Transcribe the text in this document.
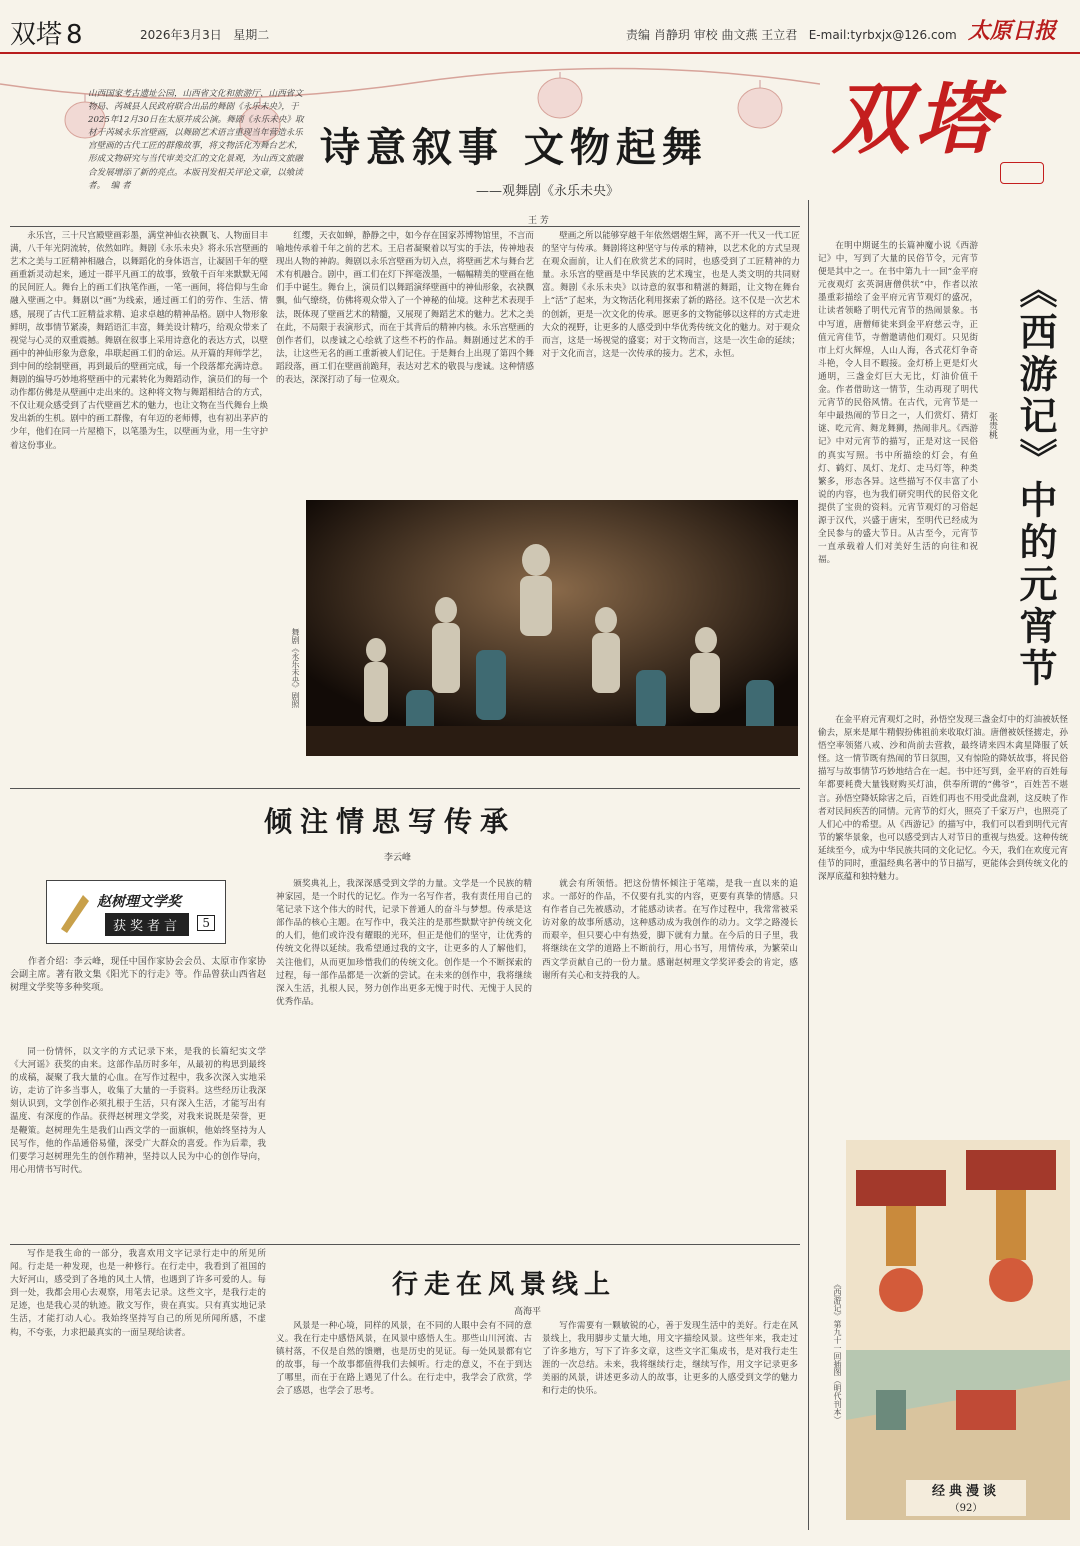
双塔 8	2026年3月3日 星期二	责编 肖静玥 审校 曲文燕 王立君 E-mail:tyrbxjx@126.com 太原日报
双塔
山西国家考古遗址公园，山西省文化和旅游厅、山西省文物局、芮城县人民政府联合出品的舞剧《永乐未央》，于2025年12月30日在太原并成公演。舞剧《永乐未央》取材于芮城永乐宫壁画，以舞剧艺术语言重现当年营造永乐宫壁画的古代工匠的群像故事，将文物活化为舞台艺术，形成文物研究与当代审美交汇的文化景观，为山西文旅融合发展增添了新的亮点。本版刊发相关评论文章，以飨读者。 编 者
诗意叙事 文物起舞
——观舞剧《永乐未央》
王 芳

永乐宫，三十尺宫殿壁画彩墨，满堂神仙衣袂飘飞、人物面目丰满，八千年光阴流转，依然如昨。舞剧《永乐未央》将永乐宫壁画的艺术之美与工匠精神相融合，以舞蹈化的身体语言，让凝固千年的壁画重新灵动起来，通过一群平凡画工的故事，致敬千百年来默默无闻的民间匠人。舞台上的画工们执笔作画，一笔一画间，将信仰与生命融入壁画之中。舞剧以“画”为线索，通过画工们的劳作、生活、情感，展现了古代工匠精益求精、追求卓越的精神品格。剧中人物形象鲜明，故事情节紧凑，舞蹈语汇丰富，舞美设计精巧，给观众带来了视觉与心灵的双重震撼。舞剧在叙事上采用诗意化的表达方式，以壁画中的神仙形象为意象，串联起画工们的命运。从开篇的拜师学艺，到中间的绘制壁画，再到最后的壁画完成，每一个段落都充满诗意。舞剧的编导巧妙地将壁画中的元素转化为舞蹈动作，演员们的每一个动作都仿佛是从壁画中走出来的。这种将文物与舞蹈相结合的方式，不仅让观众感受到了古代壁画艺术的魅力，也让文物在当代舞台上焕发出新的生机。剧中的画工群像，有年迈的老师傅，也有初出茅庐的少年，他们在同一片屋檐下，以笔墨为生，以壁画为业，用一生守护着这份事业。

红缨，天衣如蝉，静静之中，如今存在国家苏博物馆里，不言而喻地传承着千年之前的艺术。王启者凝聚着以写实的手法，传神地表现出人物的神韵。舞剧以永乐宫壁画为切入点，将壁画艺术与舞台艺术有机融合。剧中，画工们在灯下挥毫泼墨，一幅幅精美的壁画在他们手中诞生。舞台上，演员们以舞蹈演绎壁画中的神仙形象，衣袂飘飘，仙气缭绕，仿佛将观众带入了一个神秘的仙境。这种艺术表现手法，既体现了壁画艺术的精髓，又展现了舞蹈艺术的魅力。艺术之美在此，不局限于表演形式，而在于其背后的精神内核。永乐宫壁画的创作者们，以虔诚之心绘就了这些不朽的作品。舞剧通过艺术的手法，让这些无名的画工重新被人们记住。于是舞台上出现了第四个舞蹈段落，画工们在壁画前跪拜，表达对艺术的敬畏与虔诚。这种情感的表达，深深打动了每一位观众。

壁画之所以能够穿越千年依然熠熠生辉，离不开一代又一代工匠的坚守与传承。舞剧将这种坚守与传承的精神，以艺术化的方式呈现在观众面前，让人们在欣赏艺术的同时，也感受到了工匠精神的力量。永乐宫的壁画是中华民族的艺术瑰宝，也是人类文明的共同财富。舞剧《永乐未央》以诗意的叙事和精湛的舞蹈，让文物在舞台上“活”了起来，为文物活化利用探索了新的路径。这不仅是一次艺术的创新，更是一次文化的传承。愿更多的文物能够以这样的方式走进大众的视野，让更多的人感受到中华优秀传统文化的魅力。对于观众而言，这是一场视觉的盛宴；对于文物而言，这是一次生命的延续；对于文化而言，这是一次传承的接力。艺术，永恒。

舞剧《永乐未央》剧照	《西游记》中的元宵节
张贵桃

在明中期诞生的长篇神魔小说《西游记》中，写到了大量的民俗节令，元宵节便是其中之一。在书中第九十一回“金平府元夜观灯 玄英洞唐僧供状”中，作者以浓墨重彩描绘了金平府元宵节观灯的盛况，让读者领略了明代元宵节的热闹景象。书中写道，唐僧师徒来到金平府慈云寺，正值元宵佳节，寺僧邀请他们观灯。只见街市上灯火辉煌，人山人海，各式花灯争奇斗艳，令人目不暇接。金灯桥上更是灯火通明，三盏金灯巨大无比，灯油价值千金。作者借助这一情节，生动再现了明代元宵节的民俗风情。在古代，元宵节是一年中最热闹的节日之一，人们赏灯、猜灯谜、吃元宵、舞龙舞狮，热闹非凡。《西游记》中对元宵节的描写，正是对这一民俗的真实写照。书中所描绘的灯会，有鱼灯、鹤灯、凤灯、龙灯、走马灯等，种类繁多，形态各异。这些描写不仅丰富了小说的内容，也为我们研究明代的民俗文化提供了宝贵的资料。元宵节观灯的习俗起源于汉代，兴盛于唐宋，至明代已经成为全民参与的盛大节日。从古至今，元宵节一直承载着人们对美好生活的向往和祝福。

在金平府元宵观灯之时，孙悟空发现三盏金灯中的灯油被妖怪偷去，原来是犀牛精假扮佛祖前来收取灯油。唐僧被妖怪掳走，孙悟空率领猪八戒、沙和尚前去营救，最终请来四木禽星降服了妖怪。这一情节既有热闹的节日氛围，又有惊险的降妖故事，将民俗描写与故事情节巧妙地结合在一起。书中还写到，金平府的百姓每年都要耗费大量钱财购买灯油，供奉所谓的“佛爷”，百姓苦不堪言。孙悟空降妖除害之后，百姓们再也不用受此盘剥，这反映了作者对民间疾苦的同情。元宵节的灯火，照亮了千家万户，也照亮了人们心中的希望。从《西游记》的描写中，我们可以看到明代元宵节的繁华景象，也可以感受到古人对节日的重视与热爱。这种传统延续至今，成为中华民族共同的文化记忆。今天，我们在欢度元宵佳节的同时，重温经典名著中的节日描写，更能体会到传统文化的深厚底蕴和独特魅力。

经典漫谈
（92）
《西游记》第九十一回插图（明代刊本）
倾注情思写传承
李云峰
赵树理文学奖
获奖者言	5

作者介绍：李云峰，现任中国作家协会会员、太原市作家协会副主席。著有散文集《阳光下的行走》等。作品曾获山西省赵树理文学奖等多种奖项。

同一份情怀，以文字的方式记录下来，是我的长篇纪实文学《大河谣》获奖的由来。这部作品历时多年，从最初的构思到最终的成稿，凝聚了我大量的心血。在写作过程中，我多次深入实地采访，走访了许多当事人，收集了大量的一手资料。这些经历让我深刻认识到，文学创作必须扎根于生活，只有深入生活，才能写出有温度、有深度的作品。获得赵树理文学奖，对我来说既是荣誉，更是鞭策。赵树理先生是我们山西文学的一面旗帜，他始终坚持为人民写作，他的作品通俗易懂，深受广大群众的喜爱。作为后辈，我们要学习赵树理先生的创作精神，坚持以人民为中心的创作导向，用心用情书写时代。

颁奖典礼上，我深深感受到文学的力量。文学是一个民族的精神家园，是一个时代的记忆。作为一名写作者，我有责任用自己的笔记录下这个伟大的时代，记录下普通人的奋斗与梦想。传承是这部作品的核心主题。在写作中，我关注的是那些默默守护传统文化的人们，他们或许没有耀眼的光环，但正是他们的坚守，让优秀的传统文化得以延续。我希望通过我的文字，让更多的人了解他们，关注他们，从而更加珍惜我们的传统文化。创作是一个不断探索的过程，每一部作品都是一次新的尝试。在未来的创作中，我将继续深入生活，扎根人民，努力创作出更多无愧于时代、无愧于人民的优秀作品。

就会有所领悟。把这份情怀倾注于笔端，是我一直以来的追求。一部好的作品，不仅要有扎实的内容，更要有真挚的情感。只有作者自己先被感动，才能感动读者。在写作过程中，我常常被采访对象的故事所感动，这种感动成为我创作的动力。文学之路漫长而艰辛，但只要心中有热爱，脚下就有力量。在今后的日子里，我将继续在文学的道路上不断前行，用心书写，用情传承，为繁荣山西文学贡献自己的一份力量。感谢赵树理文学奖评委会的肯定，感谢所有关心和支持我的人。

行走在风景线上
高海平

写作是我生命的一部分，我喜欢用文字记录行走中的所见所闻。行走是一种发现，也是一种修行。在行走中，我看到了祖国的大好河山，感受到了各地的风土人情，也遇到了许多可爱的人。每到一处，我都会用心去观察，用笔去记录。这些文字，是我行走的足迹，也是我心灵的轨迹。散文写作，贵在真实。只有真实地记录生活，才能打动人心。我始终坚持写自己的所见所闻所感，不虚构，不夸张，力求把最真实的一面呈现给读者。

风景是一种心境，同样的风景，在不同的人眼中会有不同的意义。我在行走中感悟风景，在风景中感悟人生。那些山川河流、古镇村落，不仅是自然的馈赠，也是历史的见证。每一处风景都有它的故事，每一个故事都值得我们去倾听。行走的意义，不在于到达了哪里，而在于在路上遇见了什么。在行走中，我学会了欣赏，学会了感恩，也学会了思考。

写作需要有一颗敏锐的心，善于发现生活中的美好。行走在风景线上，我用脚步丈量大地，用文字描绘风景。这些年来，我走过了许多地方，写下了许多文章，这些文字汇集成书，是对我行走生涯的一次总结。未来，我将继续行走，继续写作，用文字记录更多美丽的风景，讲述更多动人的故事，让更多的人感受到文学的魅力和行走的快乐。
